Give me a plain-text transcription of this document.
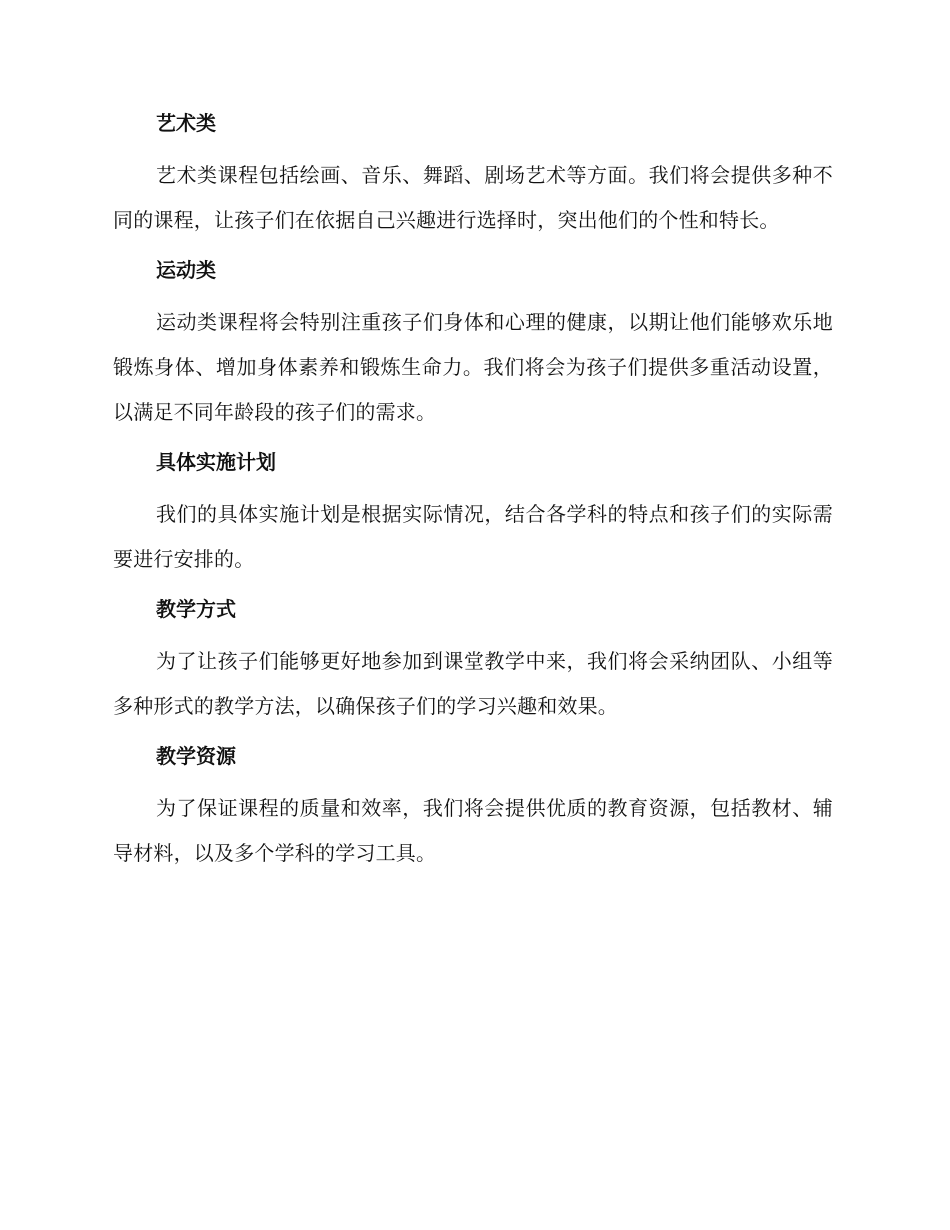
艺术类

艺术类课程包括绘画、音乐、舞蹈、剧场艺术等方面。我们将会提供多种不同的课程，让孩子们在依据自己兴趣进行选择时，突出他们的个性和特长。

运动类

运动类课程将会特别注重孩子们身体和心理的健康，以期让他们能够欢乐地锻炼身体、增加身体素养和锻炼生命力。我们将会为孩子们提供多重活动设置，以满足不同年龄段的孩子们的需求。

具体实施计划

我们的具体实施计划是根据实际情况，结合各学科的特点和孩子们的实际需要进行安排的。

教学方式

为了让孩子们能够更好地参加到课堂教学中来，我们将会采纳团队、小组等多种形式的教学方法，以确保孩子们的学习兴趣和效果。

教学资源

为了保证课程的质量和效率，我们将会提供优质的教育资源，包括教材、辅导材料，以及多个学科的学习工具。
